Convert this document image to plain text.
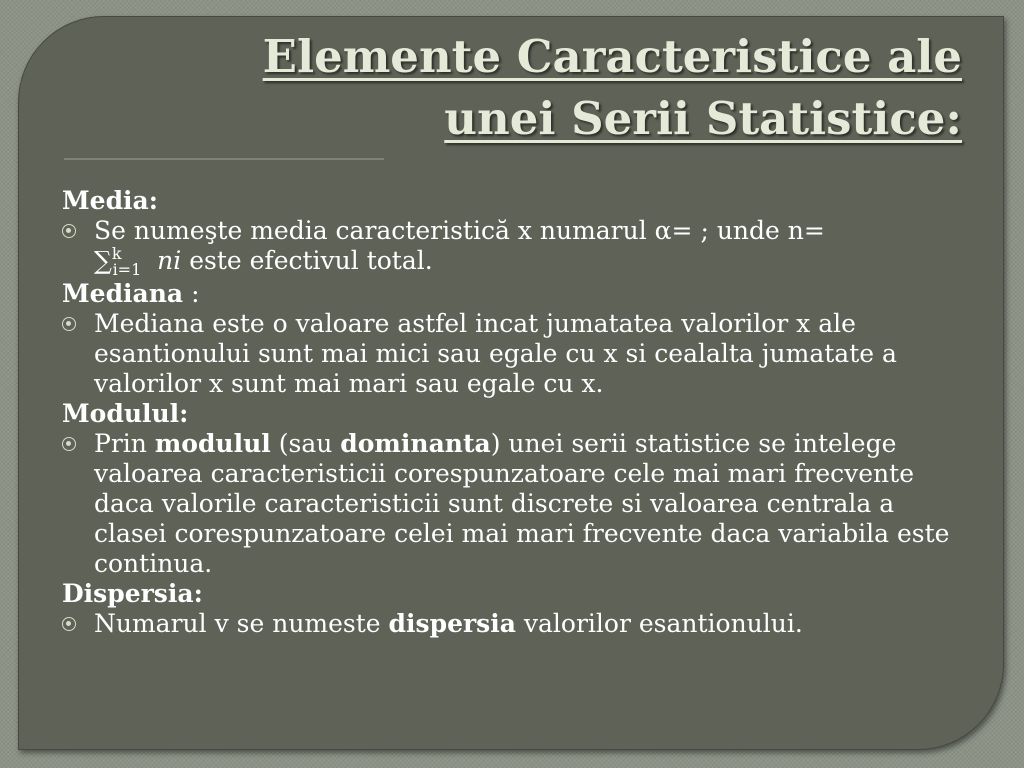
Elemente Caracteristice ale
unei Serii Statistice:

Media:

Se numeşte media caracteristică x numarul α= ; unde n=
∑$^k_{i=1}$ ni este efectivul total.

Mediana :

Mediana este o valoare astfel incat jumatatea valorilor x ale esantionului sunt mai mici sau egale cu x si cealalta jumatate a valorilor x sunt mai mari sau egale cu x.

Modulul:

Prin modulul (sau dominanta) unei serii statistice se intelege valoarea caracteristicii corespunzatoare cele mai mari frecvente daca valorile caracteristicii sunt discrete si valoarea centrala a clasei corespunzatoare celei mai mari frecvente daca variabila este continua.

Dispersia:

Numarul v se numeste dispersia valorilor esantionului.
